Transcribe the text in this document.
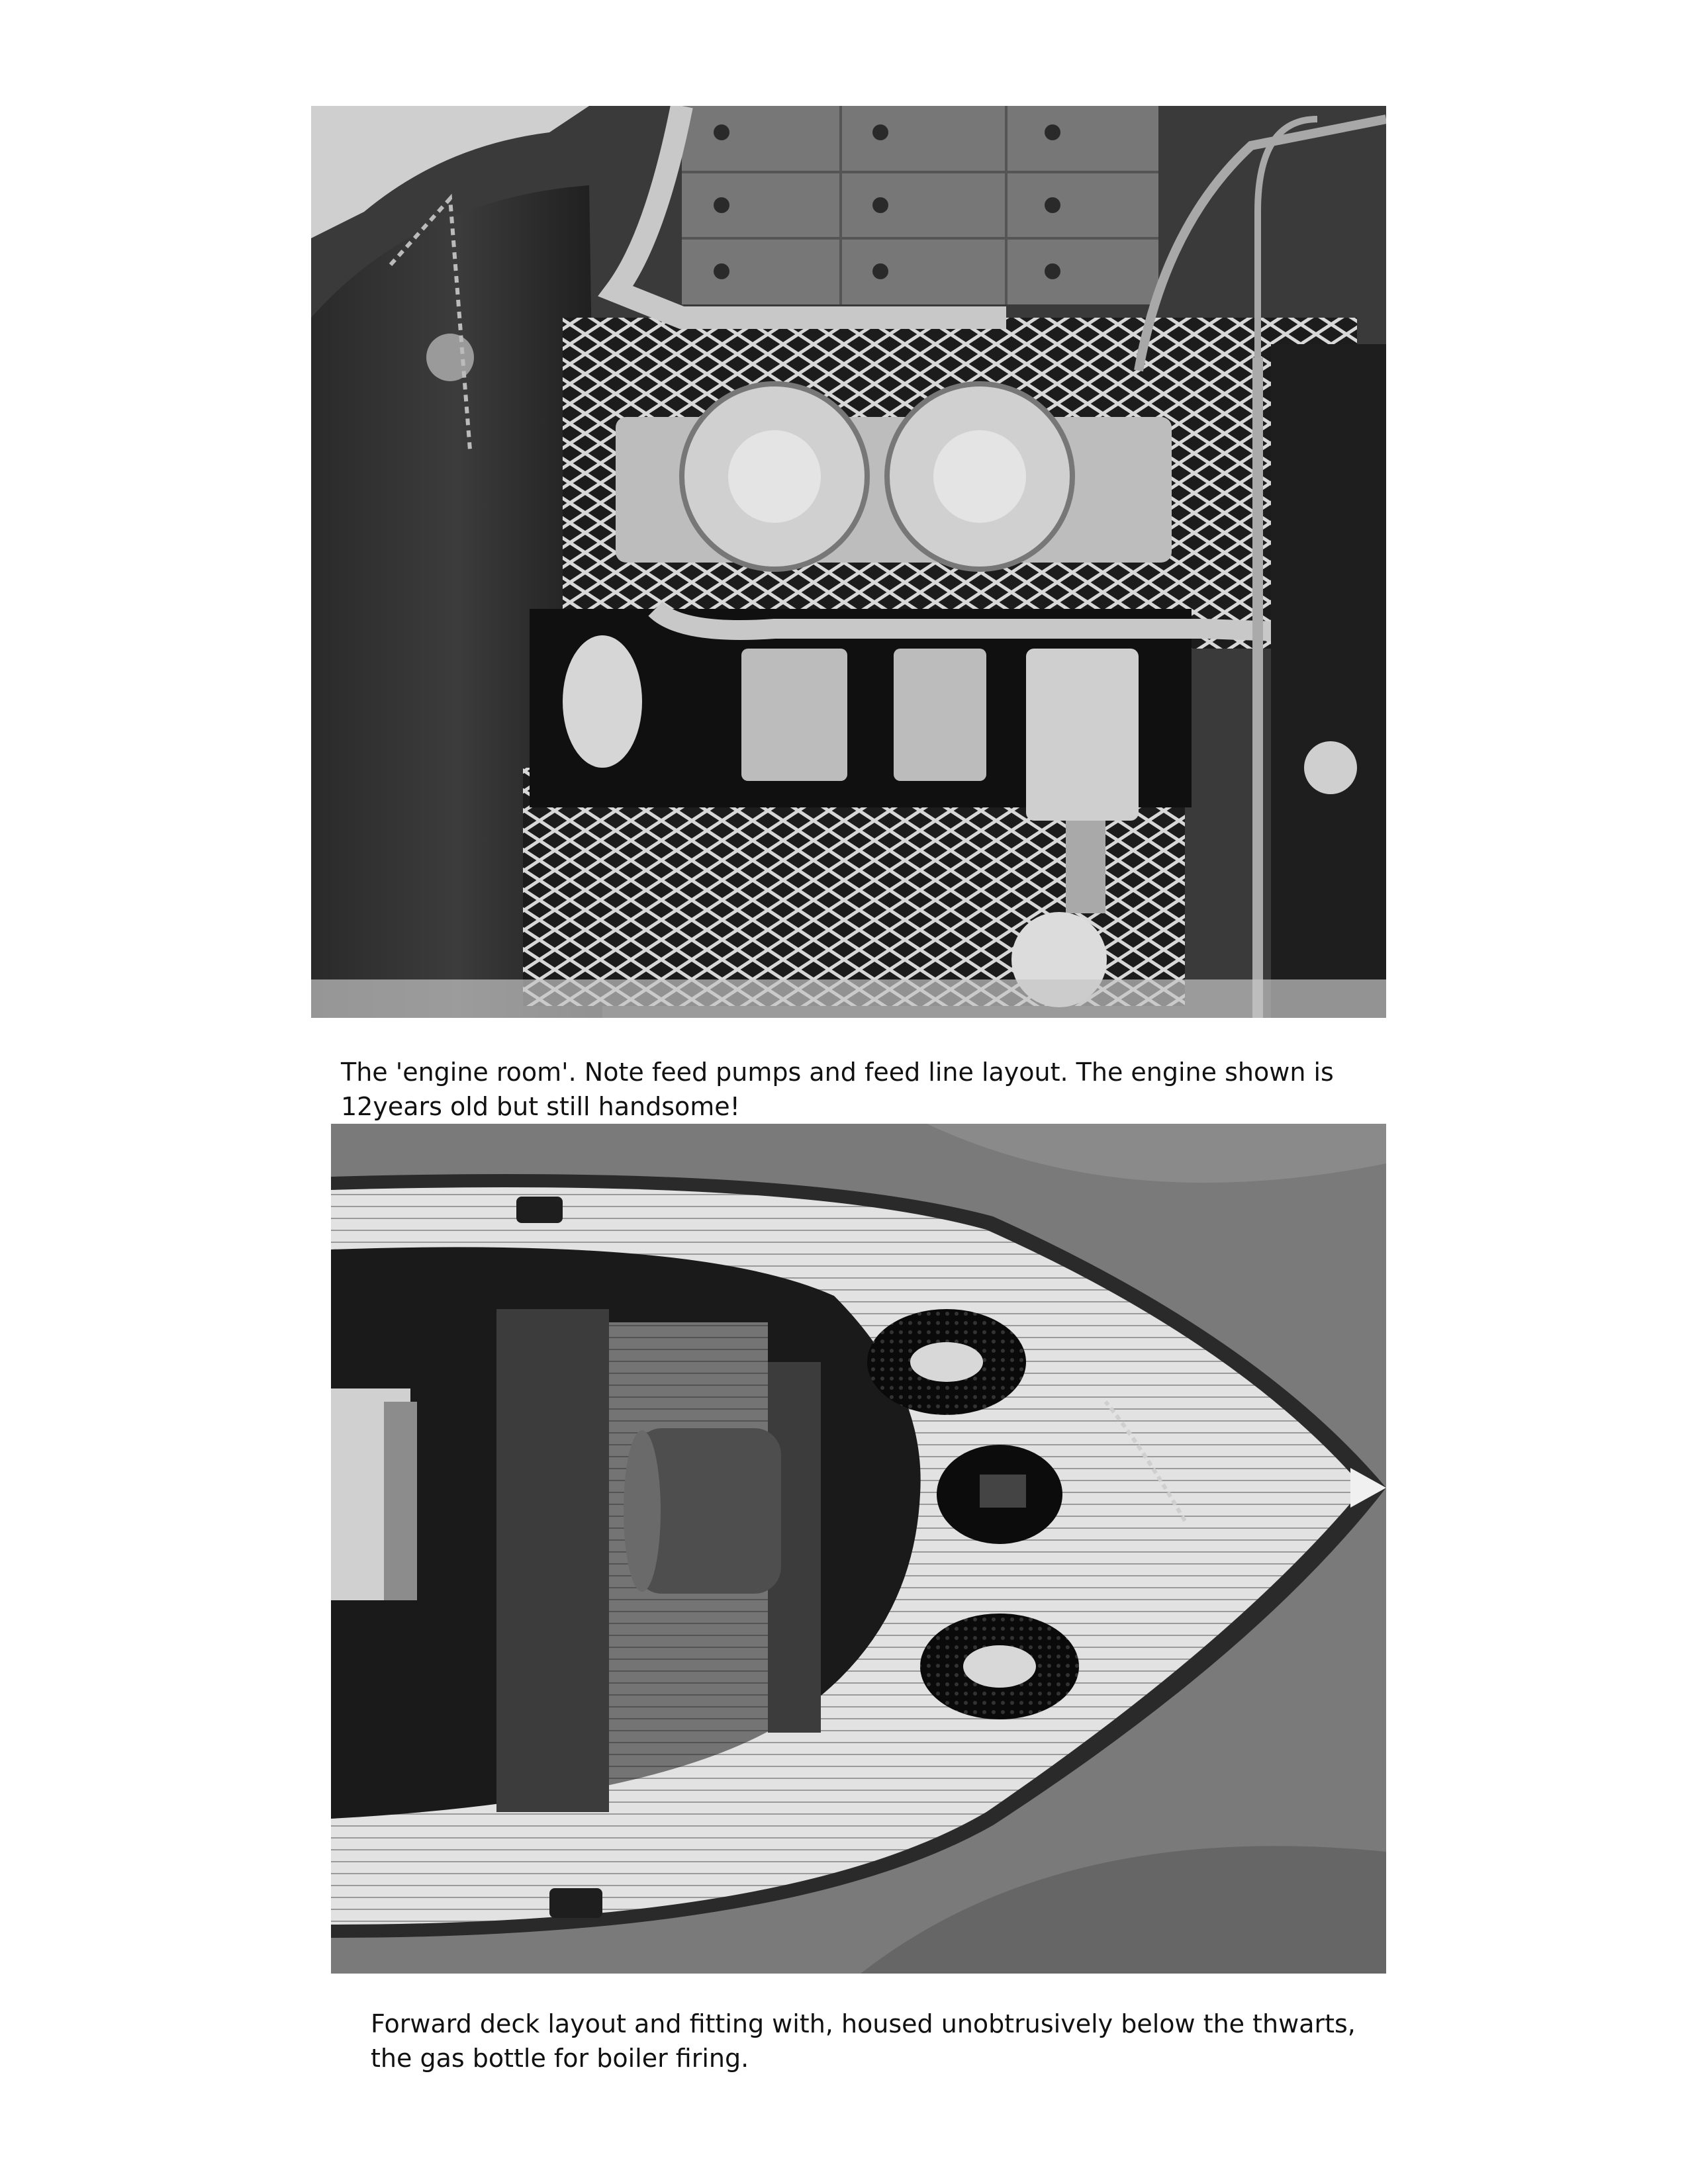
The 'engine room'. Note feed pumps and feed line layout. The engine shown is 12years old but still handsome!

Forward deck layout and fitting with, housed unobtrusively below the thwarts, the gas bottle for boiler firing.
